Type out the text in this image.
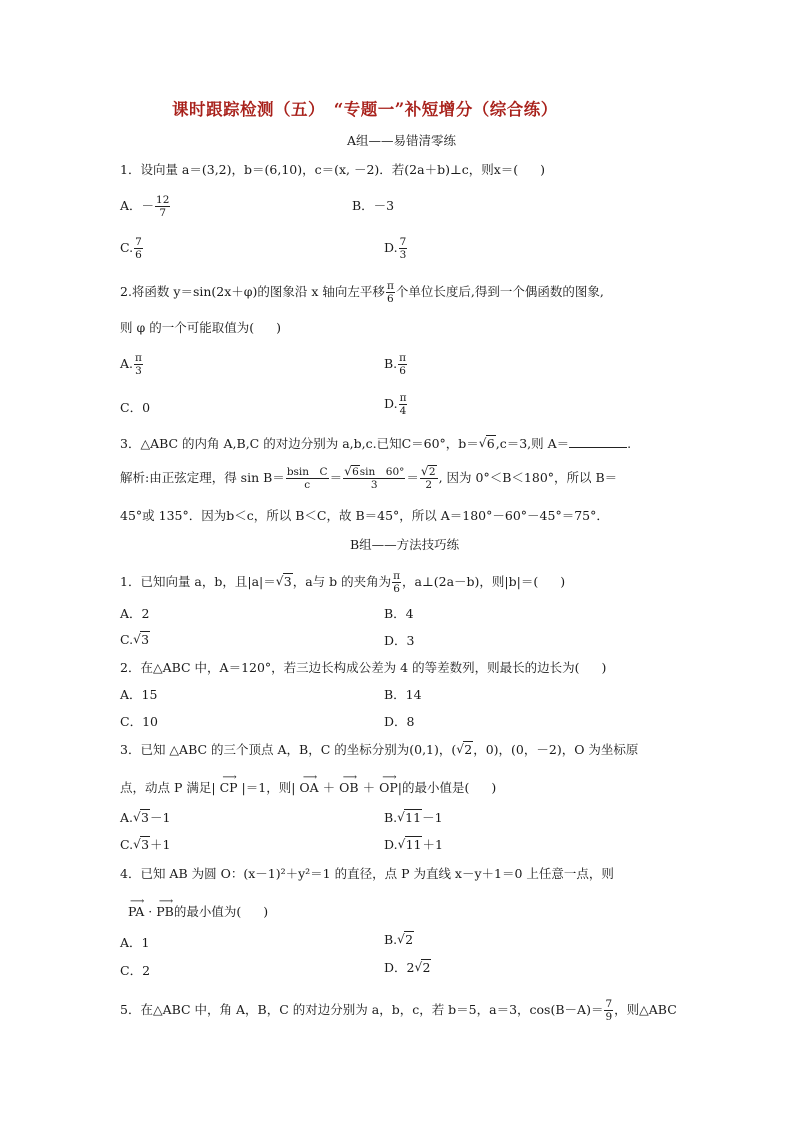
课时跟踪检测（五）　“专题一”补短增分（综合练）
A组——易错清零练
1．设向量 a＝(3,2)，b＝(6,10)，c＝(x, －2)．若(2a＋b)⊥c，则x＝( )
A．－ $\frac{12}{7}$	B．－3
C. $\frac{7}{6}$	D. $\frac{7}{3}$
2.将函数 y＝sin(2x＋φ)的图象沿 x 轴向左平移 $\frac{\pi}{6}$ 个单位长度后,得到一个偶函数的图象,
则 φ 的一个可能取值为( )
A. $\frac{\pi}{3}$	B. $\frac{\pi}{6}$
C．0	D. $\frac{\pi}{4}$
3．△ABC 的内角 A,B,C 的对边分别为 a,b,c.已知C＝60°，b＝ √ 6,c＝3,则 A＝	.
解析:由正弦定理，得 $\sin B= \frac{\text{bsin　C}}{c}$ ＝ √ $\frac{6\sin 60^\circ}{3}$ ＝ √ $\frac{2}{2}$ , 因为 0°＜B＜180°，所以 B＝
45°或 135°．因为b＜c，所以 B＜C，故 B＝45°，所以 A＝180°－60°－45°＝75°．
B组——方法技巧练
1．已知向量 a，b，且|a|＝ √ 3，a与 b 的夹角为 $\frac{\pi}{6}$ ，a⊥(2a－b)，则|b|＝( )
A．2	B．4
C. √ 3	D．3
2．在△ABC 中，A＝120°，若三边长构成公差为 4 的等差数列，则最长的边长为( )
A．15	B．14
C．10	D．8
3．已知 △ABC 的三个顶点 A，B，C 的坐标分别为(0,1)，( √ 2，0)，(0，－2)，O 为坐标原
点，动点 P 满足|
⟶
CP |＝1，则|
⟶
OA ＋
⟶
OB ＋
⟶
OP|的最小值是( )
A. √ 3－1	B. √ 11－1
C. √ 3＋1	D. √ 11＋1
4．已知 AB 为圆 O：(x－1)²＋y²＝1 的直径，点 P 为直线 x－y＋1＝0 上任意一点，则
⟶
PA ·
⟶
PB的最小值为( )
A．1	B. √ 2
C．2	D．2 √ 2
5．在△ABC 中，角 A，B，C 的对边分别为 a，b，c，若 b＝5，a＝3，$\cos(B-A)= \frac{7}{9}$ ，则△ABC
